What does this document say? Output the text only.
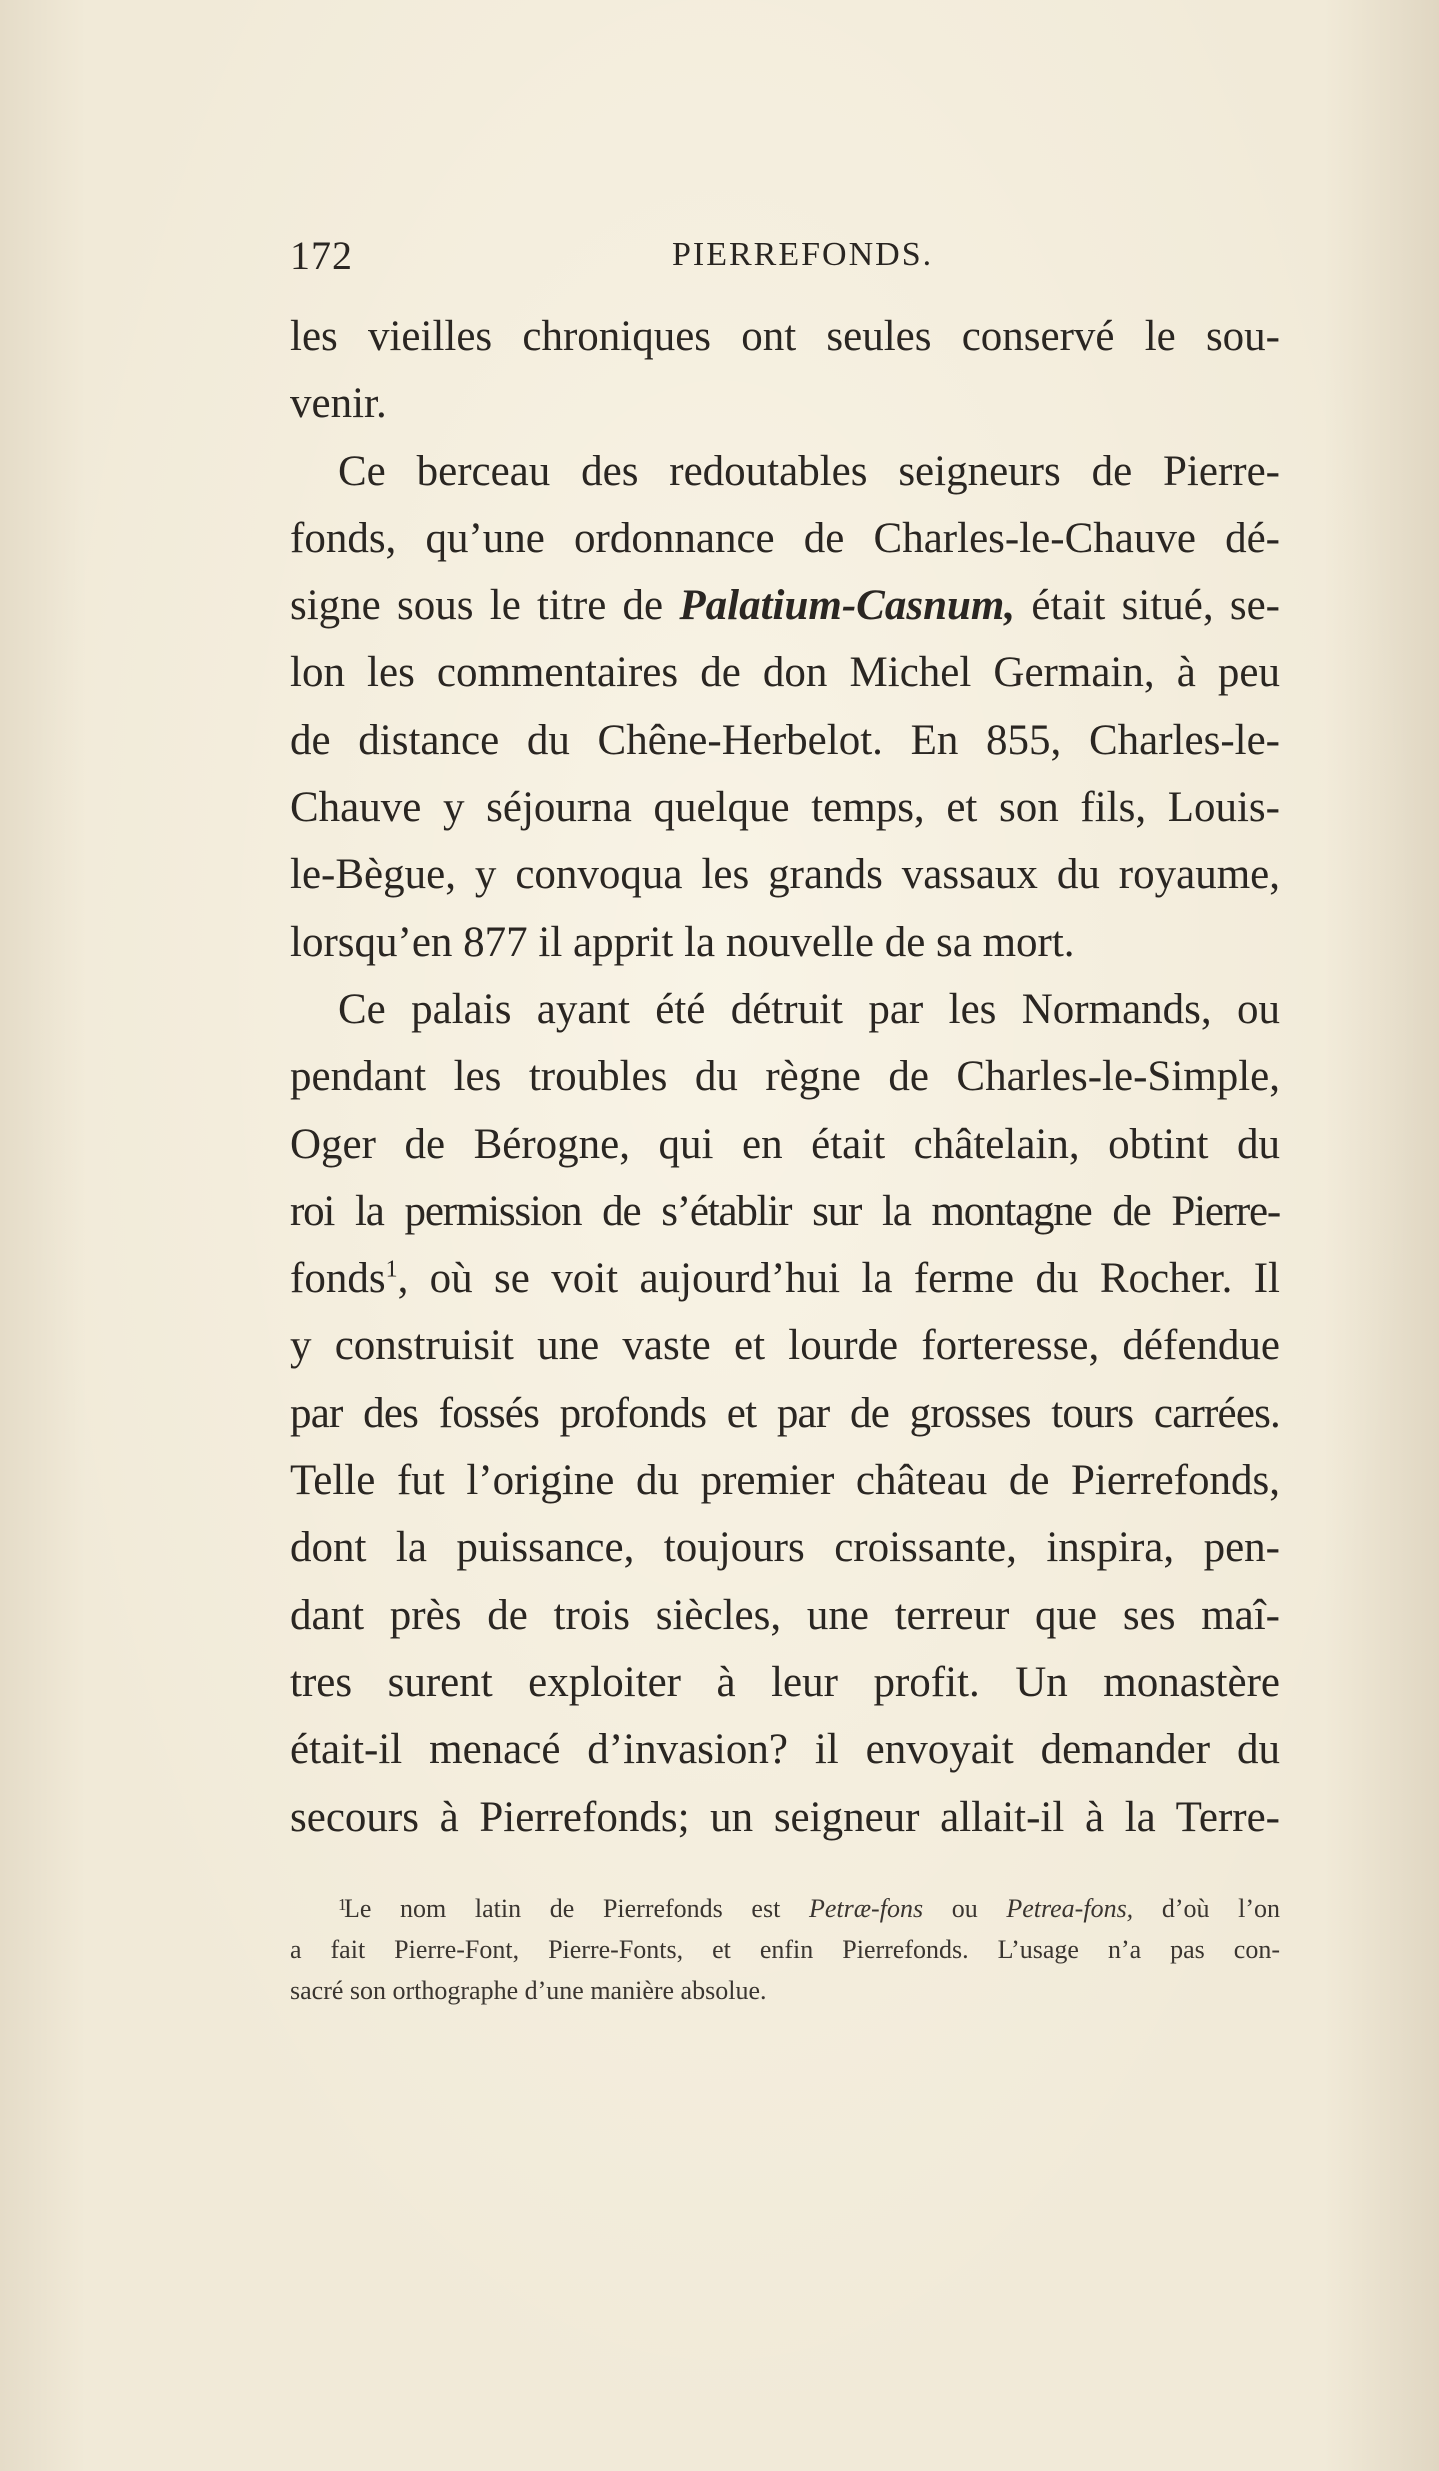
172	PIERREFONDS.
les vieilles chroniques ont seules conservé le sou-
venir.
Ce berceau des redoutables seigneurs de Pierre-
fonds, qu’une ordonnance de Charles-le-Chauve dé-
signe sous le titre de Palatium-Casnum, était situé, se-
lon les commentaires de don Michel Germain, à peu
de distance du Chêne-Herbelot. En 855, Charles-le-
Chauve y séjourna quelque temps, et son fils, Louis-
le-Bègue, y convoqua les grands vassaux du royaume,
lorsqu’en 877 il apprit la nouvelle de sa mort.
Ce palais ayant été détruit par les Normands, ou
pendant les troubles du règne de Charles-le-Simple,
Oger de Bérogne, qui en était châtelain, obtint du
roi la permission de s’établir sur la montagne de Pierre-
fonds$^1$, où se voit aujourd’hui la ferme du Rocher. Il
y construisit une vaste et lourde forteresse, défendue
par des fossés profonds et par de grosses tours carrées.
Telle fut l’origine du premier château de Pierrefonds,
dont la puissance, toujours croissante, inspira, pen-
dant près de trois siècles, une terreur que ses maî-
tres surent exploiter à leur profit. Un monastère
était-il menacé d’invasion? il envoyait demander du
secours à Pierrefonds; un seigneur allait-il à la Terre-
1
Le nom latin de Pierrefonds est Petræ-fons ou Petrea-fons, d’où l’on
a fait Pierre-Font, Pierre-Fonts, et enfin Pierrefonds. L’usage n’a pas con-
sacré son orthographe d’une manière absolue.
